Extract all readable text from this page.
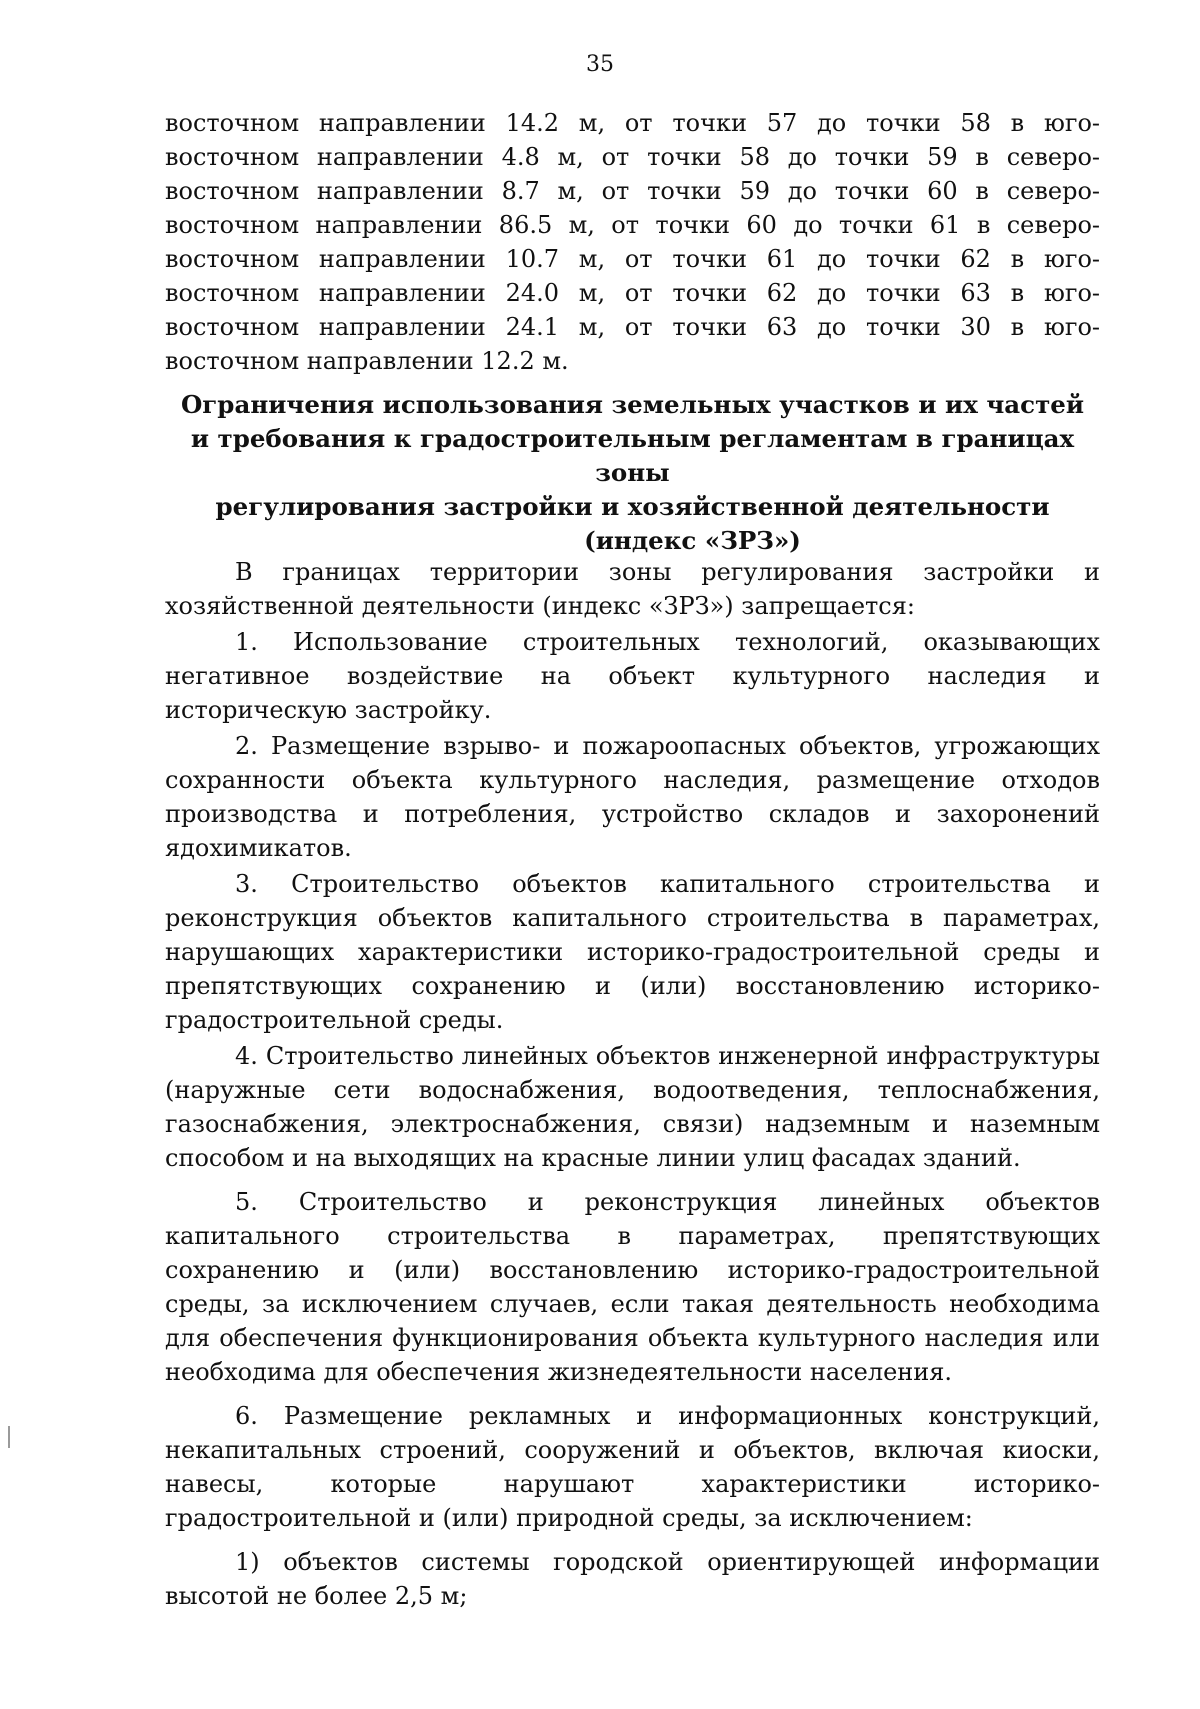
35

восточном направлении 14.2 м, от точки 57 до точки 58 в юго-восточном направлении 4.8 м, от точки 58 до точки 59 в северо-восточном направлении 8.7 м, от точки 59 до точки 60 в северо-восточном направлении 86.5 м, от точки 60 до точки 61 в северо-восточном направлении 10.7 м, от точки 61 до точки 62 в юго-восточном направлении 24.0 м, от точки 62 до точки 63 в юго-восточном направлении 24.1 м, от точки 63 до точки 30 в юго-восточном направлении 12.2 м.

Ограничения использования земельных участков и их частей
и требования к градостроительным регламентам в границах зоны
регулирования застройки и хозяйственной деятельности
(индекс «ЗРЗ»)

В границах территории зоны регулирования застройки и хозяйственной деятельности (индекс «ЗРЗ») запрещается:

1. Использование строительных технологий, оказывающих негативное воздействие на объект культурного наследия и историческую застройку.

2. Размещение взрыво- и пожароопасных объектов, угрожающих сохранности объекта культурного наследия, размещение отходов производства и потребления, устройство складов и захоронений ядохимикатов.

3. Строительство объектов капитального строительства и реконструкция объектов капитального строительства в параметрах, нарушающих характеристики историко-градостроительной среды и препятствующих сохранению и (или) восстановлению историко-градостроительной среды.

4. Строительство линейных объектов инженерной инфраструктуры (наружные сети водоснабжения, водоотведения, теплоснабжения, газоснабжения, электроснабжения, связи) надземным и наземным способом и на выходящих на красные линии улиц фасадах зданий.

5. Строительство и реконструкция линейных объектов капитального строительства в параметрах, препятствующих сохранению и (или) восстановлению историко-градостроительной среды, за исключением случаев, если такая деятельность необходима для обеспечения функционирования объекта культурного наследия или необходима для обеспечения жизнедеятельности населения.

6. Размещение рекламных и информационных конструкций, некапитальных строений, сооружений и объектов, включая киоски, навесы, которые нарушают характеристики историко-градостроительной и (или) природной среды, за исключением:

1) объектов системы городской ориентирующей информации высотой не более 2,5 м;
